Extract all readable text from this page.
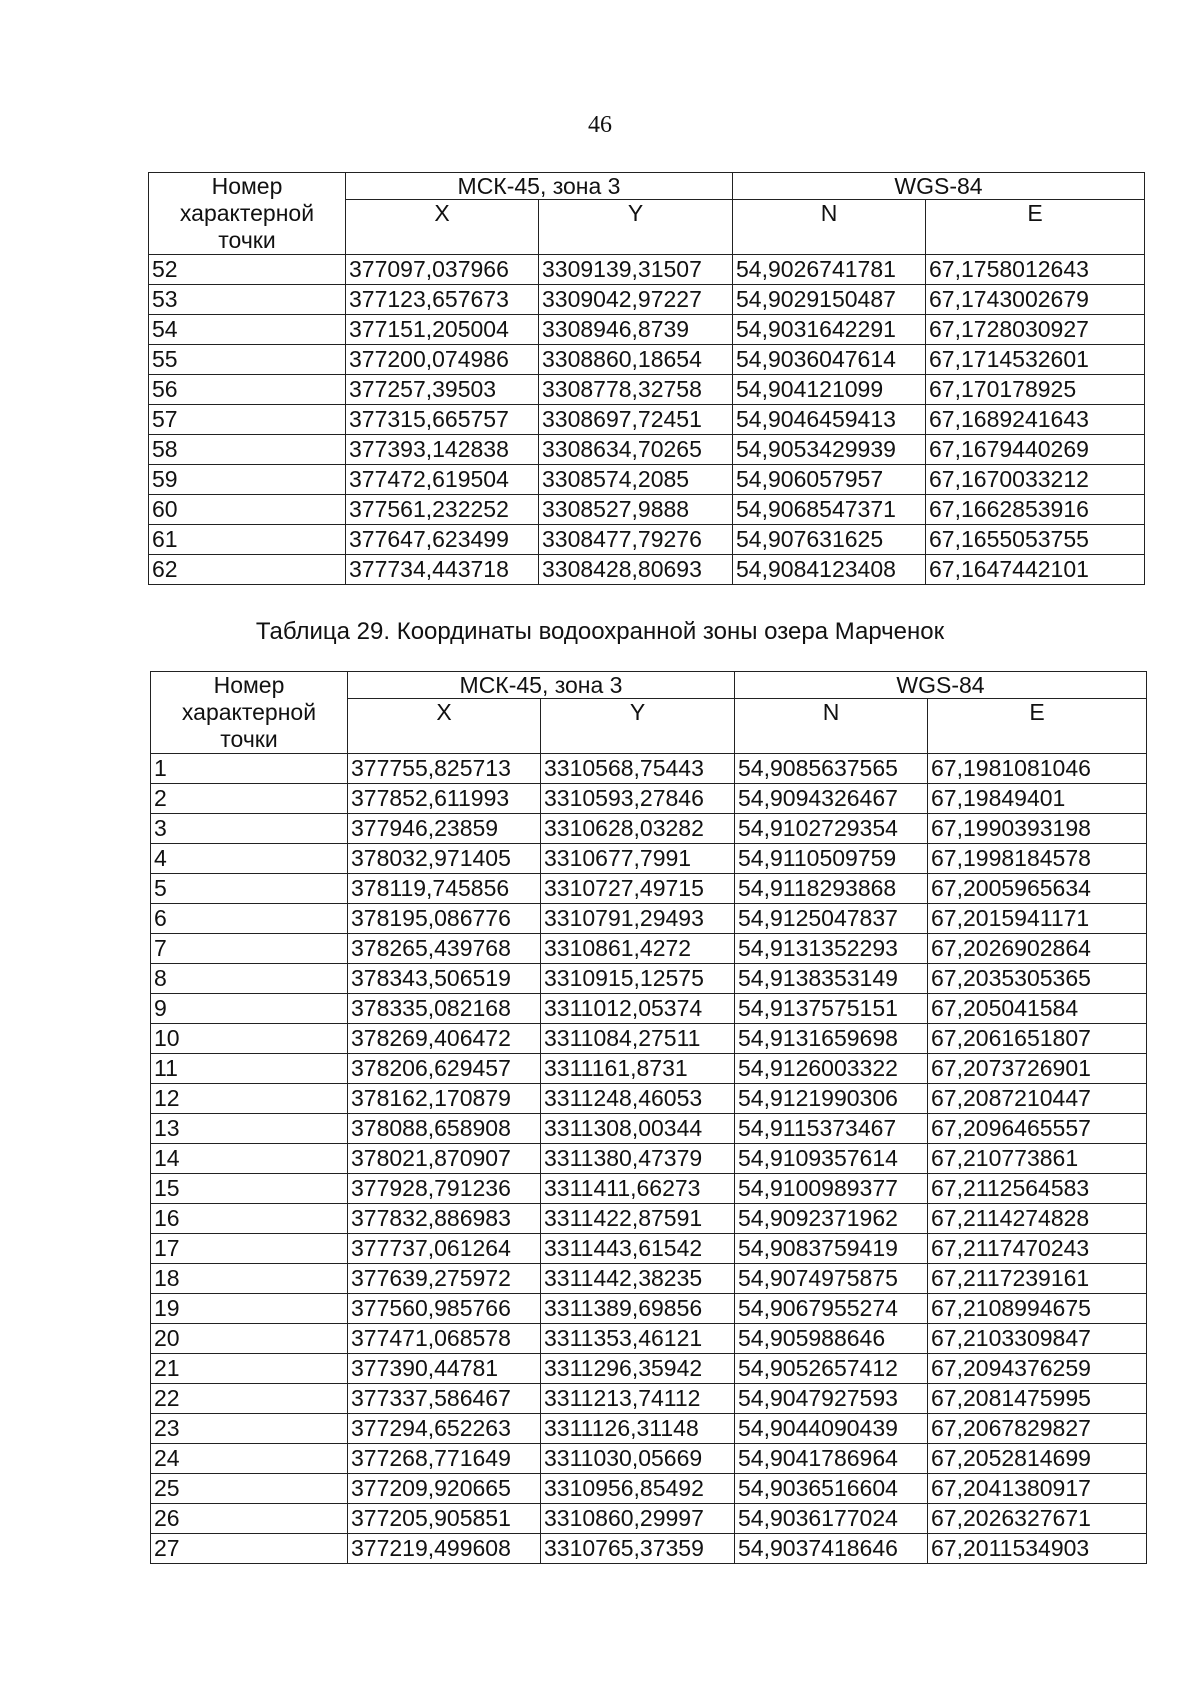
46
Номер характерной точки	МСК-45, зона 3		WGS-84	
	X	Y	N	E
52	377097,037966	3309139,31507	54,9026741781	67,1758012643
53	377123,657673	3309042,97227	54,9029150487	67,1743002679
54	377151,205004	3308946,8739	54,9031642291	67,1728030927
55	377200,074986	3308860,18654	54,9036047614	67,1714532601
56	377257,39503	3308778,32758	54,904121099	67,170178925
57	377315,665757	3308697,72451	54,9046459413	67,1689241643
58	377393,142838	3308634,70265	54,9053429939	67,1679440269
59	377472,619504	3308574,2085	54,906057957	67,1670033212
60	377561,232252	3308527,9888	54,9068547371	67,1662853916
61	377647,623499	3308477,79276	54,907631625	67,1655053755
62	377734,443718	3308428,80693	54,9084123408	67,1647442101
Таблица 29. Координаты водоохранной зоны озера Марченок
Номер характерной точки	МСК-45, зона 3		WGS-84	
	X	Y	N	E
1	377755,825713	3310568,75443	54,9085637565	67,1981081046
2	377852,611993	3310593,27846	54,9094326467	67,19849401
3	377946,23859	3310628,03282	54,9102729354	67,1990393198
4	378032,971405	3310677,7991	54,9110509759	67,1998184578
5	378119,745856	3310727,49715	54,9118293868	67,2005965634
6	378195,086776	3310791,29493	54,9125047837	67,2015941171
7	378265,439768	3310861,4272	54,9131352293	67,2026902864
8	378343,506519	3310915,12575	54,9138353149	67,2035305365
9	378335,082168	3311012,05374	54,9137575151	67,205041584
10	378269,406472	3311084,27511	54,9131659698	67,2061651807
11	378206,629457	3311161,8731	54,9126003322	67,2073726901
12	378162,170879	3311248,46053	54,9121990306	67,2087210447
13	378088,658908	3311308,00344	54,9115373467	67,2096465557
14	378021,870907	3311380,47379	54,9109357614	67,210773861
15	377928,791236	3311411,66273	54,9100989377	67,2112564583
16	377832,886983	3311422,87591	54,9092371962	67,2114274828
17	377737,061264	3311443,61542	54,9083759419	67,2117470243
18	377639,275972	3311442,38235	54,9074975875	67,2117239161
19	377560,985766	3311389,69856	54,9067955274	67,2108994675
20	377471,068578	3311353,46121	54,905988646	67,2103309847
21	377390,44781	3311296,35942	54,9052657412	67,2094376259
22	377337,586467	3311213,74112	54,9047927593	67,2081475995
23	377294,652263	3311126,31148	54,9044090439	67,2067829827
24	377268,771649	3311030,05669	54,9041786964	67,2052814699
25	377209,920665	3310956,85492	54,9036516604	67,2041380917
26	377205,905851	3310860,29997	54,9036177024	67,2026327671
27	377219,499608	3310765,37359	54,9037418646	67,2011534903
